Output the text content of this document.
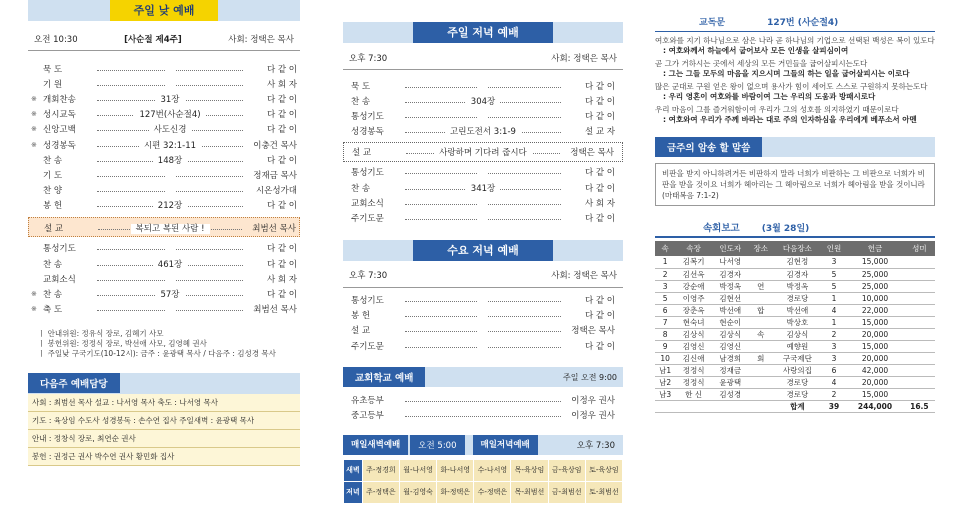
주일 낮 예배
오전 10:30	[사순절 제4주]	사회: 정택은 목사
묵 도	다 같 이
기 원	사 회 자
※ 개회찬송	31장	다 같 이
※ 성시교독	127번(사순절4)	다 같 이
※ 신앙고백	사도신경	다 같 이
※ 성경봉독	시편 32:1-11	이충건 목사
찬 송	148장	다 같 이
기 도	정재금 목사
찬 양	시온성가대
봉 헌	212장	다 같 이
설 교	복되고 복된 사람 !	최범선 목사
통성기도	다 같 이
찬 송	461장	다 같 이
교회소식	사 회 자
※ 찬 송	57장	다 같 이
※ 축 도	최범선 목사
ㅣ 안내위원: 정유식 장로, 김혜기 사모
ㅣ 봉헌위원: 정정식 장로, 박선애 사모, 김영혜 권사
ㅣ 주일낮 구국기도(10-12시): 금주 : 윤광택 목사 / 다음주 : 김성경 목사
다음주 예배담당
사회 : 최범선 목사 설교 : 나서영 목사 축도 : 나서영 목사
기도 : 육상임 수도사 성경봉독 : 손수연 집사 주일새벽 : 윤광택 목사
안내 : 정창식 장로, 최연순 권사
봉헌 : 권정근 권사 박수연 권사 황민화 집사
주일 저녁 예배
오후 7:30	사회: 정택은 목사
묵 도	다 같 이
찬 송	304장	다 같 이
통성기도	다 같 이
성경봉독	고린도전서 3:1-9	설 교 자
설 교	사랑하며 기다려 줍시다	정택은 목사
통성기도	다 같 이
찬 송	341장	다 같 이
교회소식	사 회 자
주기도문	다 같 이
수요 저녁 예배
오후 7:30	사회: 정택은 목사
통성기도	다 같 이
봉 헌	다 같 이
설 교	정택은 목사
주기도문	다 같 이
교회학교 예배	주일 오전 9:00
유초등부	이정우 권사
중고등부	이정우 권사
매일새벽예배	오전 5:00	매일저녁예배	오후 7:30
새벽	주-정경희	월-나서영	화-나서영	수-나서영	목-육상임	금-육상임	토-육상임
저녁	주-정택은	월-김영숙	화-정택은	수-정택은	목-최범선	금-최범선	토-최범선
교독문	127번 (사순절4)
여호와를 지기 하나님으로 삼은 나라 곧 하나님의 기업으로 선택된 백성은 복이 있도다
: 여호와께서 하늘에서 굽어보사 모든 인생을 살피심이여
곧 그가 거하시는 곳에서 세상의 모든 거민들을 굽어살피시는도다
: 그는 그들 모두의 마음을 지으시며 그들의 하는 일을 굽어살피시는 이로다
많은 군대로 구원 얻은 왕이 없으며 용사가 힘이 세어도 스스로 구원하지 못하는도다
: 우리 영혼이 여호와를 바람이여 그는 우리의 도움과 방패시로다
우리 마음이 그를 즐거워함이여 우리가 그의 성호를 의지하였기 때문이로다
: 여호와여 우리가 주께 바라는 대로 주의 인자하심을 우리에게 베푸소서 아멘
금주의 암송 할 말씀
비판을 받지 아니하려거든 비판하지 말라 너희가 비판하는 그 비판으로 너희가 비판을 받을 것이요 너희가 헤아리는 그 헤아림으로 너희가 헤아림을 받을 것이니라 (마태복음 7:1-2)
속회보고 (3월 28일)
속	속장	인도자	장소	다음장소	인원	헌금	성미
1	김복기	나서영		김현정	3	15,000	
2	김선옥	김경자		김경자	5	25,000	
3	강순애	박정옥	연	박정옥	5	25,000	
5	이영주	김현선		경로당	1	10,000	
6	장춘옥	박선애	합	박선애	4	22,000	
7	현숙녀	현순이		박상호	1	15,000	
8	김상식	김상식	속	김상식	2	20,000	
9	김영신	김영신		예향원	3	15,000	
10	김신애	남경희	회	구국제단	3	20,000	
남1	정정식	정재금		사랑의집	6	42,000	
남2	정정식	윤광택		경로당	4	20,000	
남3	한 신	김성경		경로당	2	15,000	
				합계	39	244,000	16.5
